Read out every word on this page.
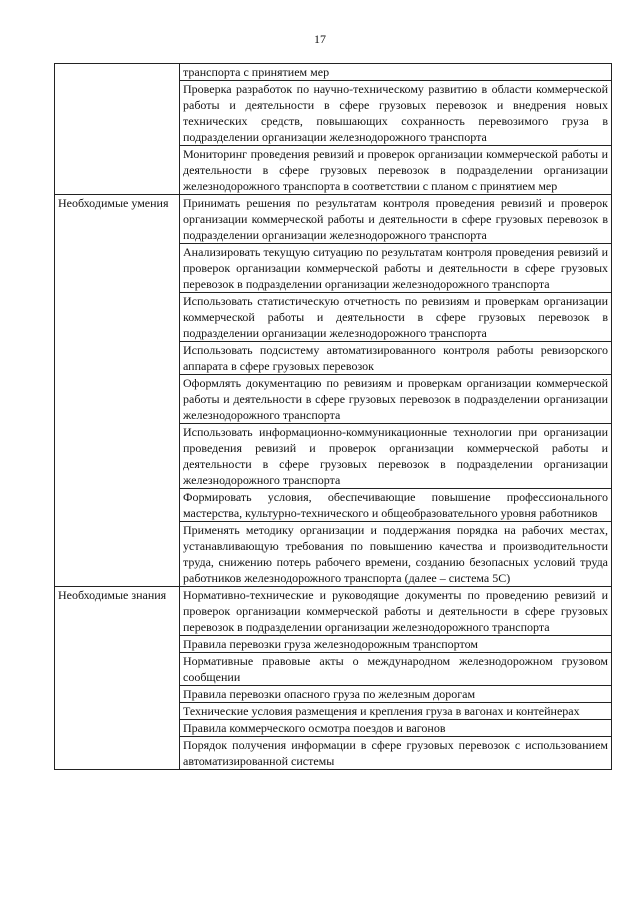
17
	транспорта с принятием мер
	Проверка разработок по научно-техническому развитию в области коммерческой работы и деятельности в сфере грузовых перевозок и внедрения новых технических средств, повышающих сохранность перевозимого груза в подразделении организации железнодорожного транспорта
	Мониторинг проведения ревизий и проверок организации коммерческой работы и деятельности в сфере грузовых перевозок в подразделении организации железнодорожного транспорта в соответствии с планом с принятием мер
Необходимые умения	Принимать решения по результатам контроля проведения ревизий и проверок организации коммерческой работы и деятельности в сфере грузовых перевозок в подразделении организации железнодорожного транспорта
	Анализировать текущую ситуацию по результатам контроля проведения ревизий и проверок организации коммерческой работы и деятельности в сфере грузовых перевозок в подразделении организации железнодорожного транспорта
	Использовать статистическую отчетность по ревизиям и проверкам организации коммерческой работы и деятельности в сфере грузовых перевозок в подразделении организации железнодорожного транспорта
	Использовать подсистему автоматизированного контроля работы ревизорского аппарата в сфере грузовых перевозок
	Оформлять документацию по ревизиям и проверкам организации коммерческой работы и деятельности в сфере грузовых перевозок в подразделении организации железнодорожного транспорта
	Использовать информационно-коммуникационные технологии при организации проведения ревизий и проверок организации коммерческой работы и деятельности в сфере грузовых перевозок в подразделении организации железнодорожного транспорта
	Формировать условия, обеспечивающие повышение профессионального мастерства, культурно-технического и общеобразовательного уровня работников
	Применять методику организации и поддержания порядка на рабочих местах, устанавливающую требования по повышению качества и производительности труда, снижению потерь рабочего времени, созданию безопасных условий труда работников железнодорожного транспорта (далее – система 5С)
Необходимые знания	Нормативно-технические и руководящие документы по проведению ревизий и проверок организации коммерческой работы и деятельности в сфере грузовых перевозок в подразделении организации железнодорожного транспорта
	Правила перевозки груза железнодорожным транспортом
	Нормативные правовые акты о международном железнодорожном грузовом сообщении
	Правила перевозки опасного груза по железным дорогам
	Технические условия размещения и крепления груза в вагонах и контейнерах
	Правила коммерческого осмотра поездов и вагонов
	Порядок получения информации в сфере грузовых перевозок с использованием автоматизированной системы
